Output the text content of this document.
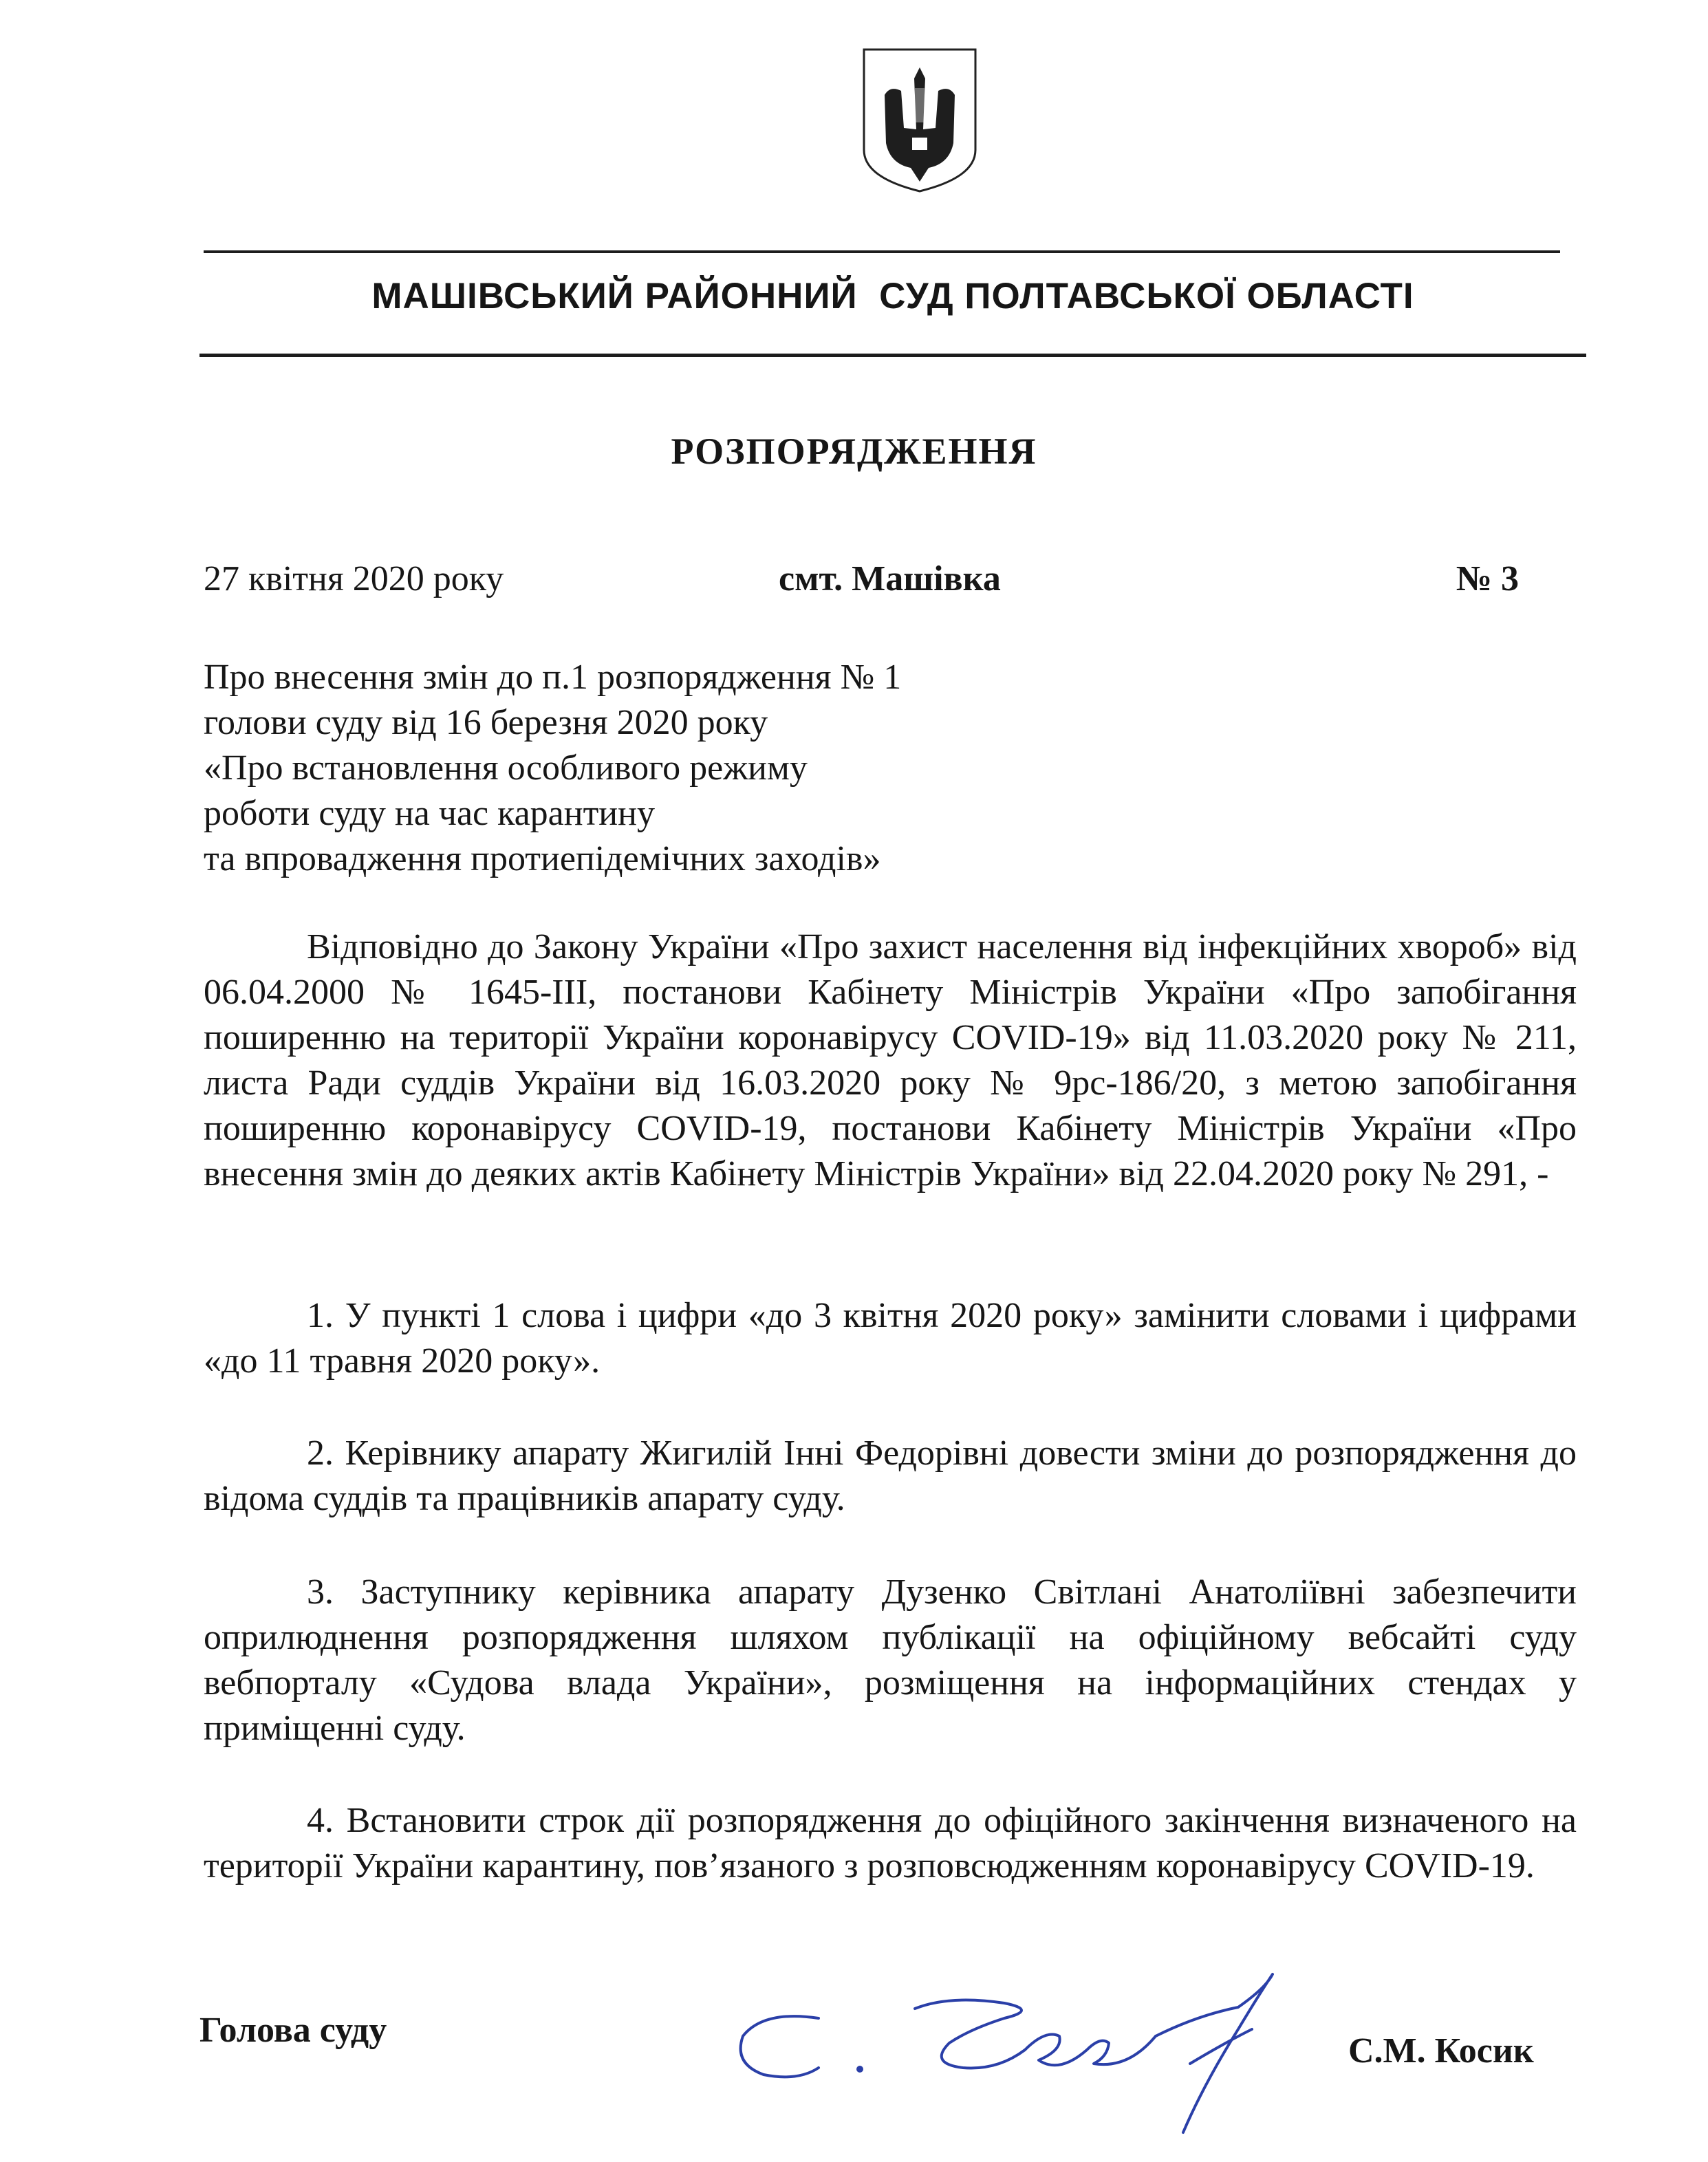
МАШІВСЬКИЙ РАЙОННИЙ  СУД ПОЛТАВСЬКОЇ ОБЛАСТІ
РОЗПОРЯДЖЕННЯ
27 квітня 2020 року	смт. Машівка	№ 3
Про внесення змін до п.1 розпорядження № 1
голови суду від 16 березня 2020 року
«Про встановлення особливого режиму
роботи суду на час карантину
та впровадження протиепідемічних заходів»

Відповідно до Закону України «Про захист населення від інфекційних хвороб» від 06.04.2000 № 1645-III, постанови Кабінету Міністрів України «Про запобігання поширенню на території України коронавірусу COVID-19» від 11.03.2020 року № 211, листа Ради суддів України від 16.03.2020 року № 9рс-186/20, з метою запобігання поширенню коронавірусу COVID-19, постанови Кабінету Міністрів України «Про внесення змін до деяких актів Кабінету Міністрів України» від 22.04.2020 року № 291, -

1. У пункті 1 слова і цифри «до 3 квітня 2020 року» замінити словами і цифрами «до 11 травня 2020 року».

2. Керівнику апарату Жигилій Інні Федорівні довести зміни до розпорядження до відома суддів та працівників апарату суду.

3. Заступнику керівника апарату Дузенко Світлані Анатоліївні забезпечити оприлюднення розпорядження шляхом публікації на офіційному вебсайті суду вебпорталу «Судова влада України», розміщення на інформаційних стендах у приміщенні суду.

4. Встановити строк дії розпорядження до офіційного закінчення визначеного на території України карантину, пов’язаного з розповсюдженням коронавірусу COVID-19.

Голова суду
С.М. Косик
